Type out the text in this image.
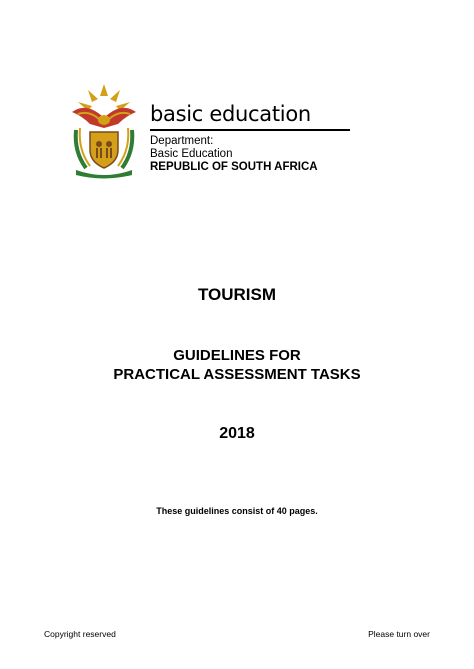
basic education
Department:
Basic Education
REPUBLIC OF SOUTH AFRICA
TOURISM
GUIDELINES FOR
PRACTICAL ASSESSMENT TASKS
2018
These guidelines consist of 40 pages.
Copyright reserved	Please turn over
